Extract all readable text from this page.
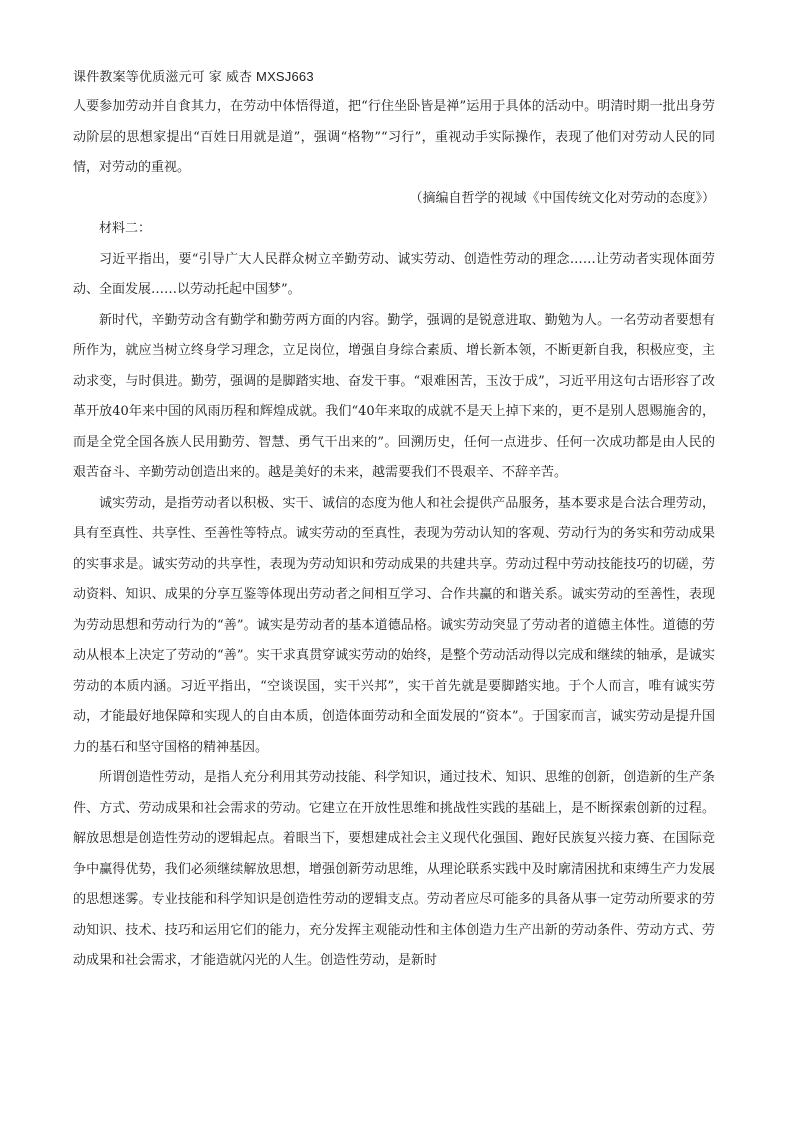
课件教案等优质滋元可 家 威杏 MXSJ663

人要参加劳动并自食其力，在劳动中体悟得道，把“行住坐卧皆是禅”运用于具体的活动中。明清时期一批出身劳动阶层的思想家提出“百姓日用就是道”，强调“格物”“习行”，重视动手实际操作，表现了他们对劳动人民的同情，对劳动的重视。

（摘编自哲学的视域《中国传统文化对劳动的态度》）

材料二：

习近平指出，要“引导广大人民群众树立辛勤劳动、诚实劳动、创造性劳动的理念……让劳动者实现体面劳动、全面发展……以劳动托起中国梦”。

新时代，辛勤劳动含有勤学和勤劳两方面的内容。勤学，强调的是锐意进取、勤勉为人。一名劳动者要想有所作为，就应当树立终身学习理念，立足岗位，增强自身综合素质、增长新本领，不断更新自我，积极应变，主动求变，与时俱进。勤劳，强调的是脚踏实地、奋发干事。“艰难困苦，玉汝于成”，习近平用这句古语形容了改革开放40年来中国的风雨历程和辉煌成就。我们“40年来取的成就不是天上掉下来的，更不是别人恩赐施舍的，而是全党全国各族人民用勤劳、智慧、勇气干出来的”。回溯历史，任何一点进步、任何一次成功都是由人民的艰苦奋斗、辛勤劳动创造出来的。越是美好的未来，越需要我们不畏艰辛、不辞辛苦。

诚实劳动，是指劳动者以积极、实干、诚信的态度为他人和社会提供产品服务，基本要求是合法合理劳动，具有至真性、共享性、至善性等特点。诚实劳动的至真性，表现为劳动认知的客观、劳动行为的务实和劳动成果的实事求是。诚实劳动的共享性，表现为劳动知识和劳动成果的共建共享。劳动过程中劳动技能技巧的切磋，劳动资料、知识、成果的分享互鉴等体现出劳动者之间相互学习、合作共赢的和谐关系。诚实劳动的至善性，表现为劳动思想和劳动行为的“善”。诚实是劳动者的基本道德品格。诚实劳动突显了劳动者的道德主体性。道德的劳动从根本上决定了劳动的“善”。实干求真贯穿诚实劳动的始终，是整个劳动活动得以完成和继续的轴承，是诚实劳动的本质内涵。习近平指出，“空谈误国，实干兴邦”，实干首先就是要脚踏实地。于个人而言，唯有诚实劳动，才能最好地保障和实现人的自由本质，创造体面劳动和全面发展的“资本”。于国家而言，诚实劳动是提升国力的基石和坚守国格的精神基因。

所谓创造性劳动，是指人充分利用其劳动技能、科学知识，通过技术、知识、思维的创新，创造新的生产条件、方式、劳动成果和社会需求的劳动。它建立在开放性思维和挑战性实践的基础上，是不断探索创新的过程。解放思想是创造性劳动的逻辑起点。着眼当下，要想建成社会主义现代化强国、跑好民族复兴接力赛、在国际竞争中赢得优势，我们必须继续解放思想，增强创新劳动思维，从理论联系实践中及时廓清困扰和束缚生产力发展的思想迷雾。专业技能和科学知识是创造性劳动的逻辑支点。劳动者应尽可能多的具备从事一定劳动所要求的劳动知识、技术、技巧和运用它们的能力，充分发挥主观能动性和主体创造力生产出新的劳动条件、劳动方式、劳动成果和社会需求，才能造就闪光的人生。创造性劳动，是新时
